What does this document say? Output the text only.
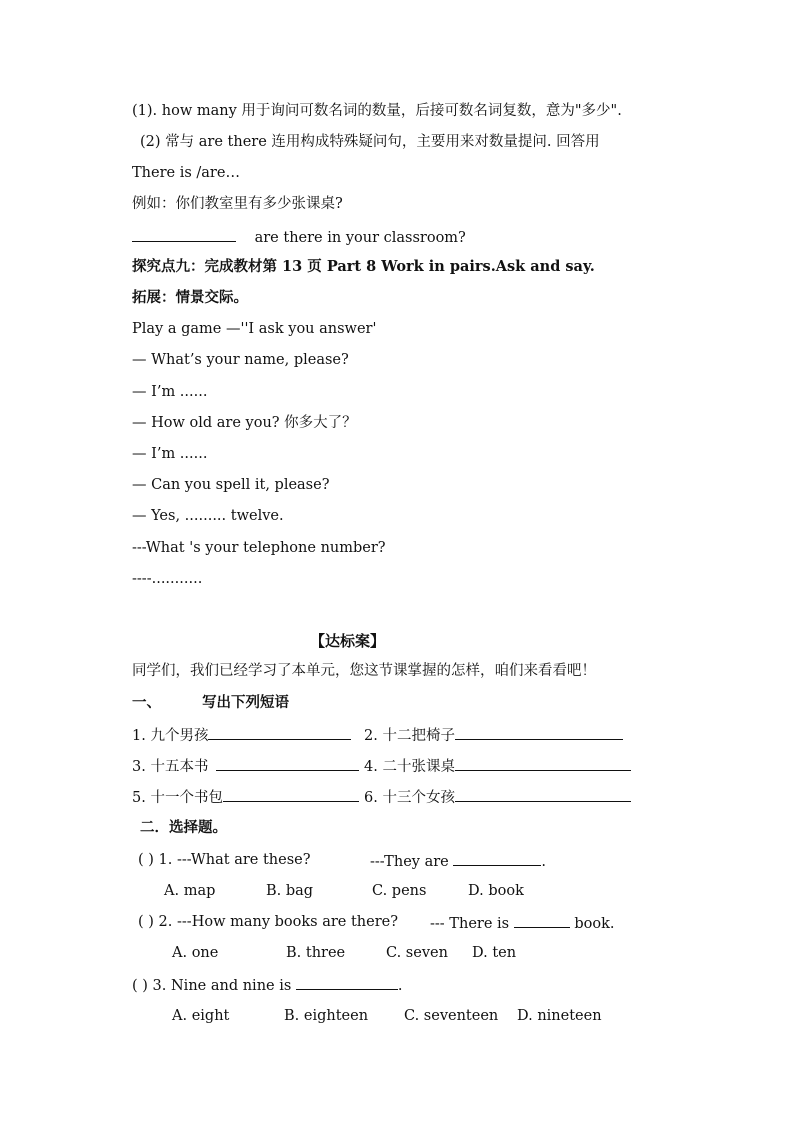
(1). how many 用于询问可数名词的数量，后接可数名词复数，意为"多少".
(2) 常与 are there 连用构成特殊疑问句，主要用来对数量提问. 回答用
There is /are…
例如：你们教室里有多少张课桌?
are there in your classroom?
探究点九：完成教材第 13 页 Part 8 Work in pairs.Ask and say.
拓展：情景交际。
Play a game —''I ask you answer'
— What’s your name, please?
— I’m ......
— How old are you? 你多大了？
— I’m ......
— Can you spell it, please?
— Yes, ......... twelve.
---What 's your telephone number?
----...........
【达标案】
同学们，我们已经学习了本单元，您这节课掌握的怎样，咱们来看看吧！
一、	写出下列短语
1. 九个男孩	2. 十二把椅子
3. 十五本书	4. 二十张课桌
5. 十一个书包	6. 十三个女孩
二．选择题。
( ) 1. ---What are these?	---They are	.
A. map	B. bag	C. pens	D. book
( ) 2. ---How many books are there? --- There is	book.
A. one	B. three	C. seven D. ten
( ) 3. Nine and nine is	.
A. eight	B. eighteen C. seventeen D. nineteen
